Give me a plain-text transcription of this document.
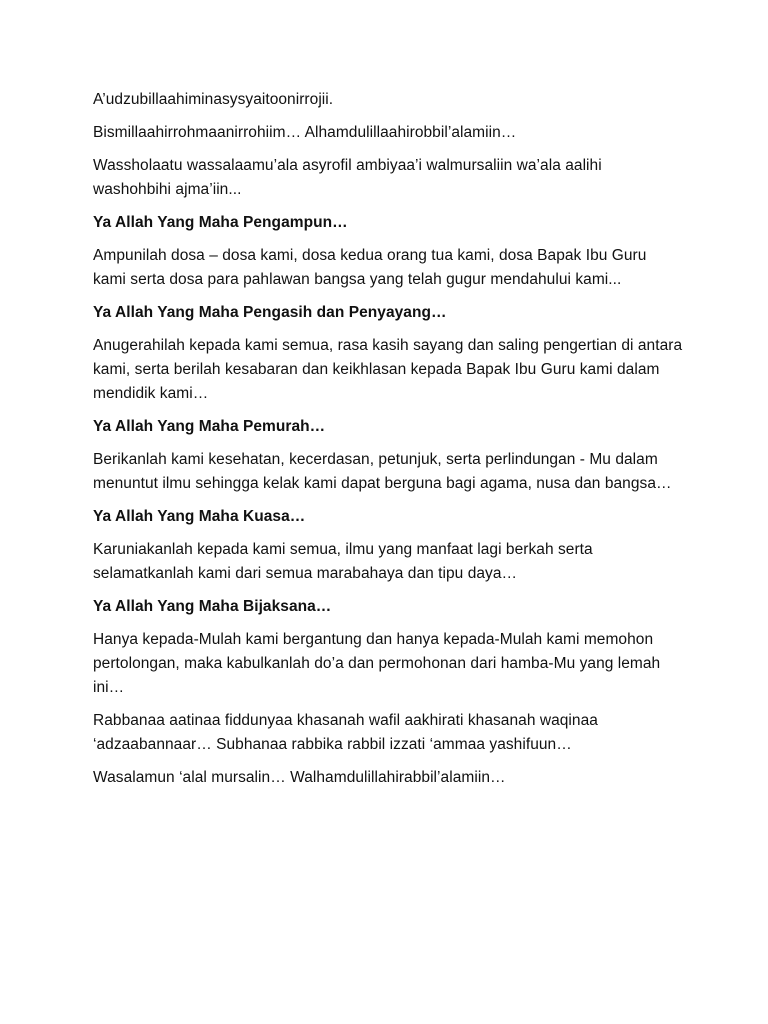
A’udzubillaahiminasysyaitoonirrojii.

Bismillaahirrohmaanirrohiim… Alhamdulillaahirobbil’alamiin…

Wassholaatu wassalaamu’ala asyrofil ambiyaa’i walmursaliin wa’ala aalihi washohbihi ajma’iin...

Ya Allah Yang Maha Pengampun…

Ampunilah dosa – dosa kami, dosa kedua orang tua kami, dosa Bapak Ibu Guru kami serta dosa para pahlawan bangsa yang telah gugur mendahului kami...

Ya Allah Yang Maha Pengasih dan Penyayang…

Anugerahilah kepada kami semua, rasa kasih sayang dan saling pengertian di antara kami, serta berilah kesabaran dan keikhlasan kepada Bapak Ibu Guru kami dalam mendidik kami…

Ya Allah Yang Maha Pemurah…

Berikanlah kami kesehatan, kecerdasan, petunjuk, serta perlindungan - Mu dalam menuntut ilmu sehingga kelak kami dapat berguna bagi agama, nusa dan bangsa…

Ya Allah Yang Maha Kuasa…

Karuniakanlah kepada kami semua, ilmu yang manfaat lagi berkah serta selamatkanlah kami dari semua marabahaya dan tipu daya…

Ya Allah Yang Maha Bijaksana…

Hanya kepada-Mulah kami bergantung dan hanya kepada-Mulah kami memohon pertolongan, maka kabulkanlah do’a dan permohonan dari hamba-Mu yang lemah ini…

Rabbanaa aatinaa fiddunyaa khasanah wafil aakhirati khasanah waqinaa ‘adzaabannaar… Subhanaa rabbika rabbil izzati ‘ammaa yashifuun…

Wasalamun ‘alal mursalin… Walhamdulillahirabbil’alamiin…
